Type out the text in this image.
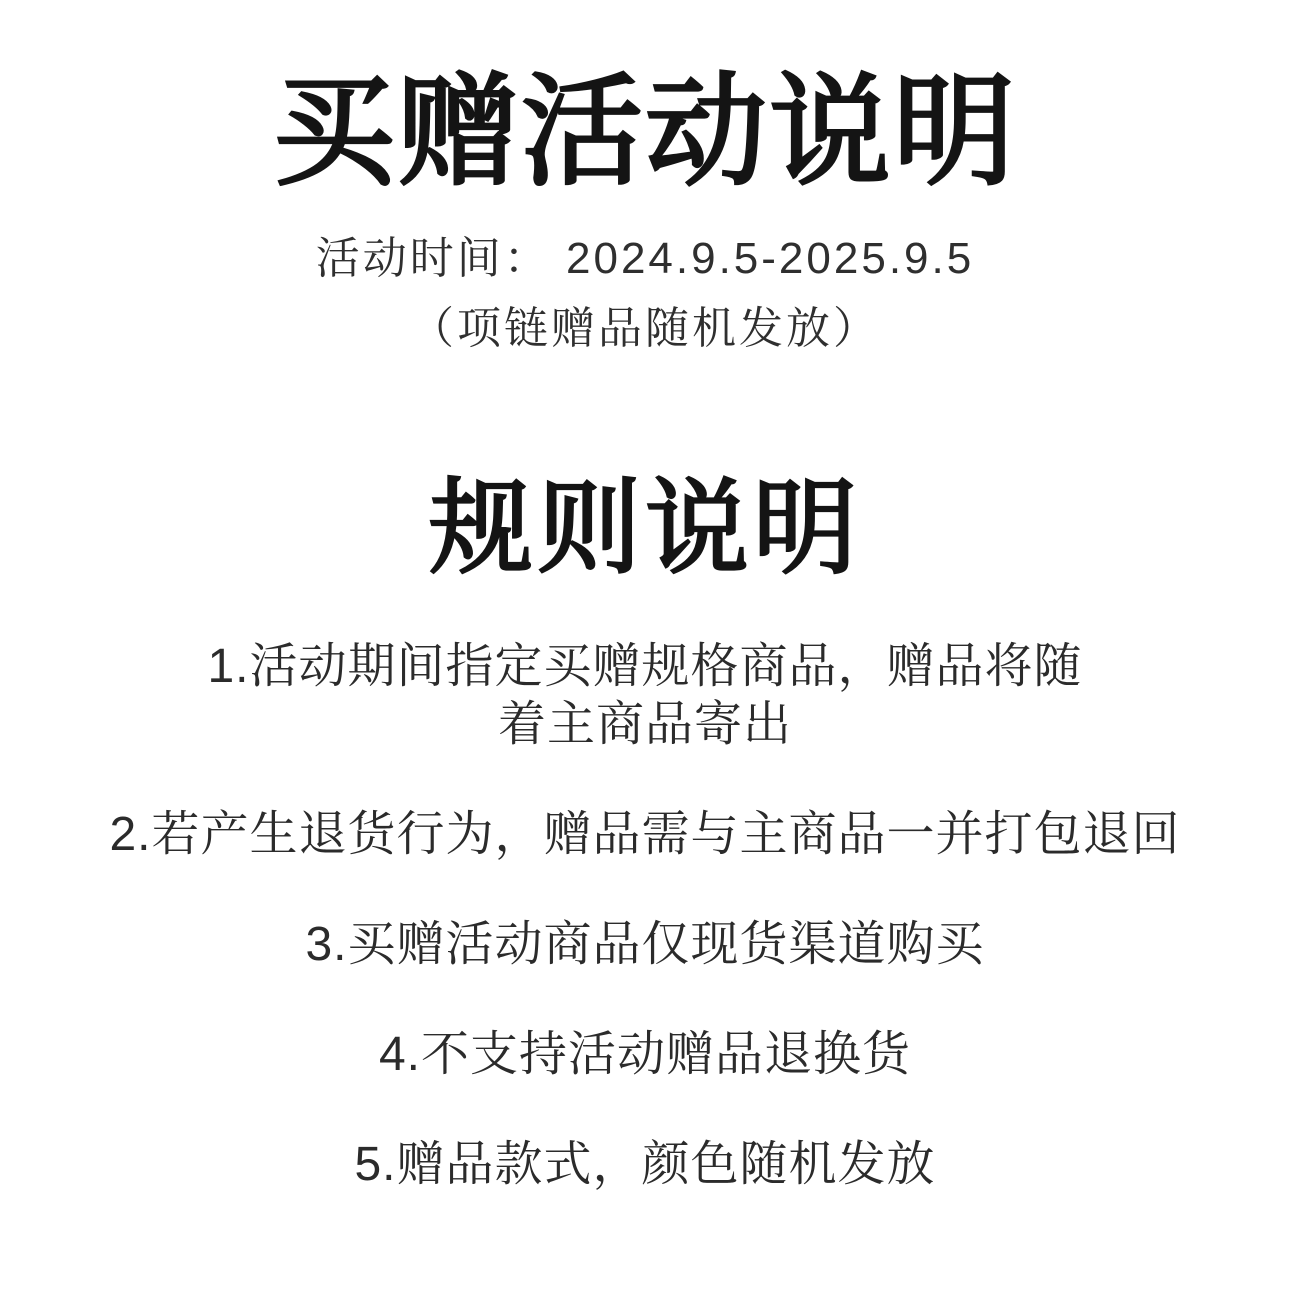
买赠活动说明
活动时间： 2024.9.5-2025.9.5
（项链赠品随机发放）
规则说明
1.活动期间指定买赠规格商品，赠品将随
着主商品寄出
2.若产生退货行为，赠品需与主商品一并打包退回
3.买赠活动商品仅现货渠道购买
4.不支持活动赠品退换货
5.赠品款式，颜色随机发放
